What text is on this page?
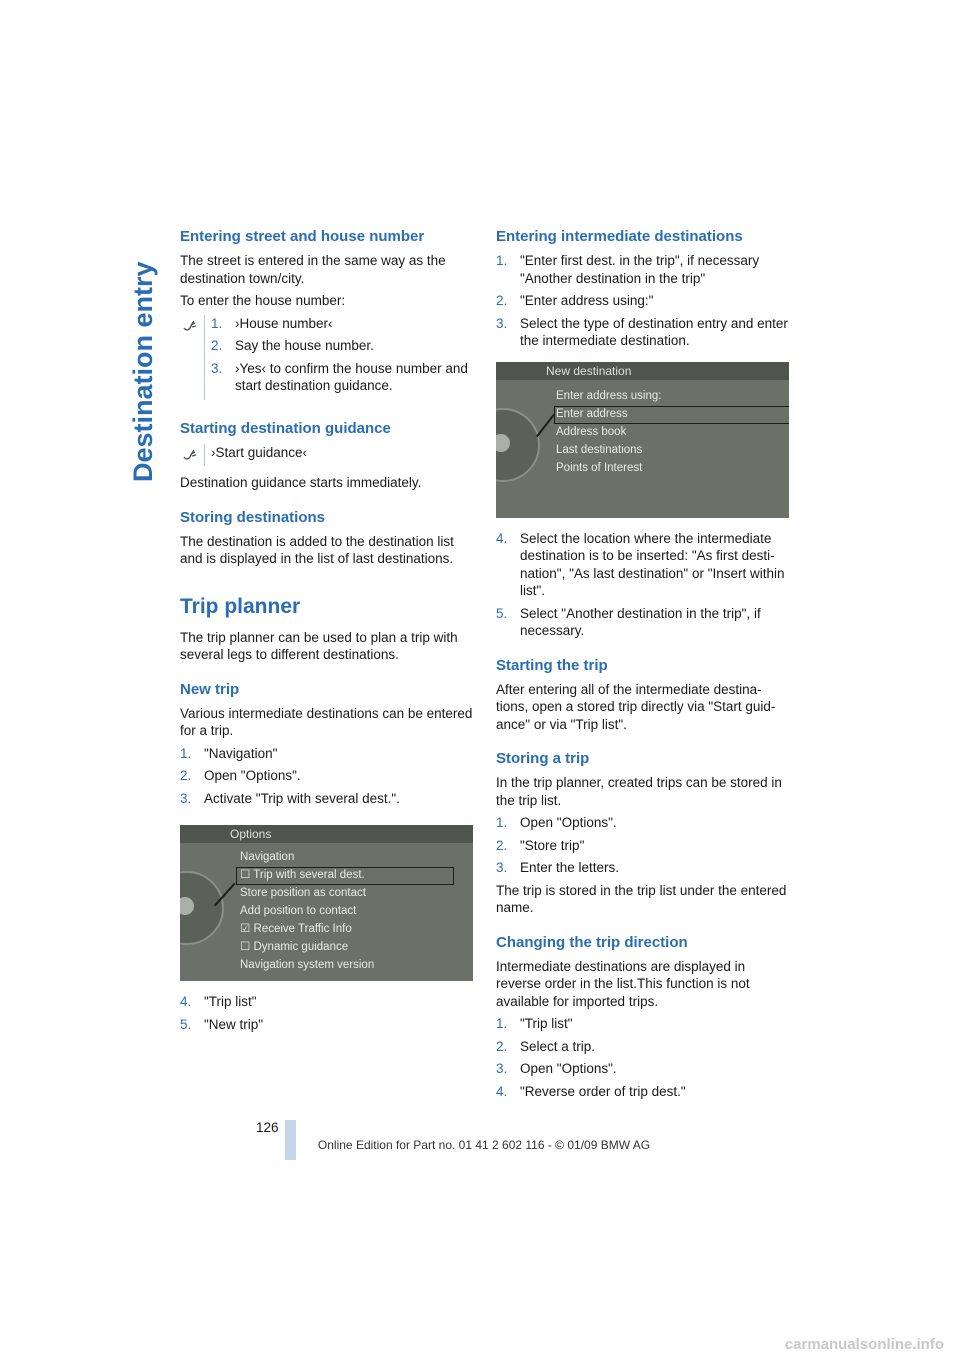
Destination entry
Entering street and house number

The street is entered in the same way as the destination town/city.

To enter the house number:

1. ›House number‹
2. Say the house number.
3. ›Yes‹ to confirm the house number and start destination guidance.
Starting destination guidance

›Start guidance‹

Destination guidance starts immediately.

Storing destinations

The destination is added to the destination list and is displayed in the list of last destinations.

Trip planner

The trip planner can be used to plan a trip with several legs to different destinations.

New trip

Various intermediate destinations can be entered for a trip.

1. "Navigation"
2. Open "Options".
3. Activate "Trip with several dest.".
Options
Navigation
☐ Trip with several dest.
Store position as contact
Add position to contact
☑ Receive Traffic Info
☐ Dynamic guidance
Navigation system version
4. "Trip list"
5. "New trip"
Entering intermediate destinations
1. "Enter first dest. in the trip", if necessary "Another destination in the trip"
2. "Enter address using:"
3. Select the type of destination entry and enter the intermediate destination.
New destination
Enter address using:
Enter address
Address book
Last destinations
Points of Interest
4. Select the location where the intermediate destination is to be inserted: "As first desti-nation", "As last destination" or "Insert within list".
5. Select "Another destination in the trip", if necessary.
Starting the trip

After entering all of the intermediate destina-tions, open a stored trip directly via "Start guid-ance" or via "Trip list".

Storing a trip

In the trip planner, created trips can be stored in the trip list.

1. Open "Options".
2. "Store trip"
3. Enter the letters.

The trip is stored in the trip list under the entered name.

Changing the trip direction

Intermediate destinations are displayed in reverse order in the list.This function is not available for imported trips.

1. "Trip list"
2. Select a trip.
3. Open "Options".
4. "Reverse order of trip dest."
126
Online Edition for Part no. 01 41 2 602 116 - © 01/09 BMW AG
carmanualsonline.info
